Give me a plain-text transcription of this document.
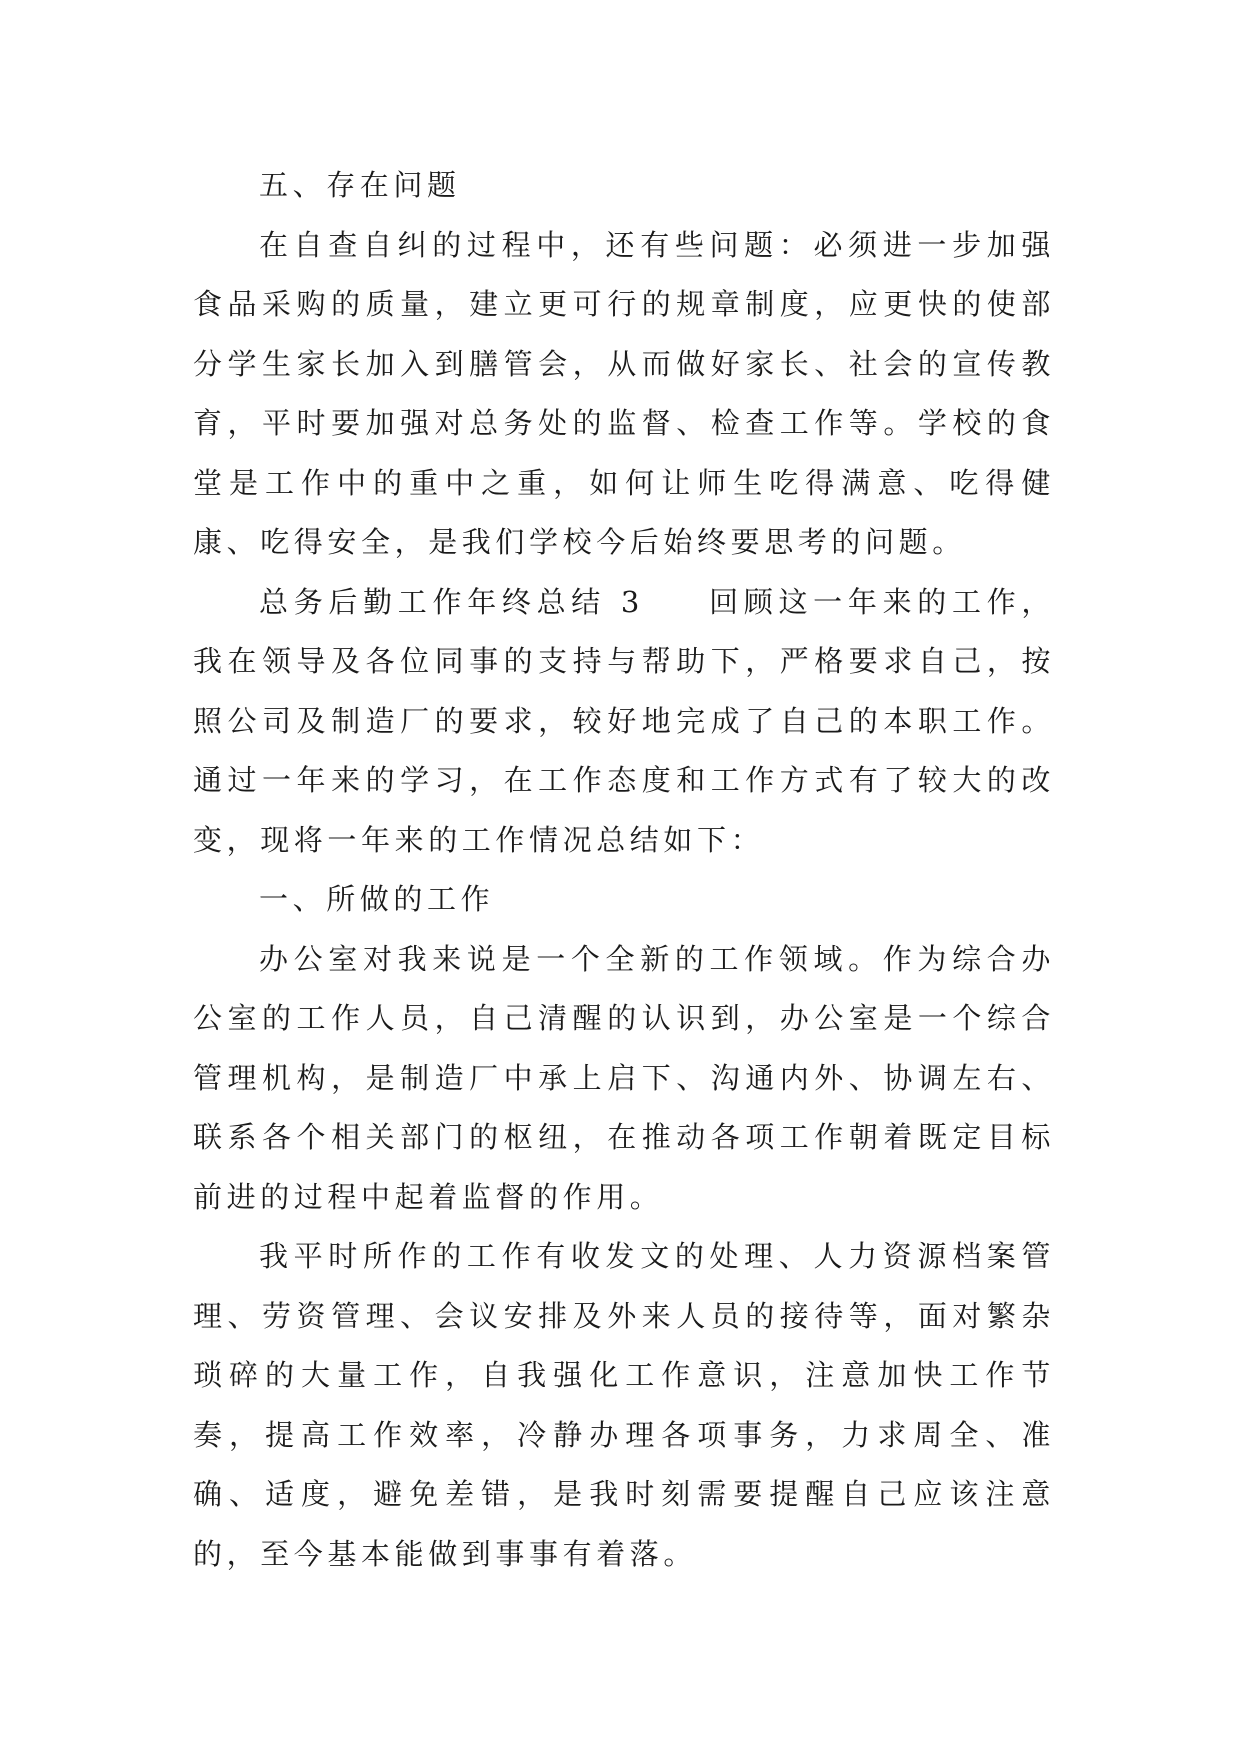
五、存在问题

在自查自纠的过程中，还有些问题：必须进一步加强食品采购的质量，建立更可行的规章制度，应更快的使部分学生家长加入到膳管会，从而做好家长、社会的宣传教育，平时要加强对总务处的监督、检查工作等。学校的食堂是工作中的重中之重，如何让师生吃得满意、吃得健康、吃得安全，是我们学校今后始终要思考的问题。

总务后勤工作年终总结 3 回顾这一年来的工作，我在领导及各位同事的支持与帮助下，严格要求自己，按照公司及制造厂的要求，较好地完成了自己的本职工作。通过一年来的学习，在工作态度和工作方式有了较大的改变，现将一年来的工作情况总结如下：

一、所做的工作

办公室对我来说是一个全新的工作领域。作为综合办公室的工作人员，自己清醒的认识到，办公室是一个综合管理机构，是制造厂中承上启下、沟通内外、协调左右、联系各个相关部门的枢纽，在推动各项工作朝着既定目标前进的过程中起着监督的作用。

我平时所作的工作有收发文的处理、人力资源档案管理、劳资管理、会议安排及外来人员的接待等，面对繁杂琐碎的大量工作，自我强化工作意识，注意加快工作节奏，提高工作效率，冷静办理各项事务，力求周全、准确、适度，避免差错，是我时刻需要提醒自己应该注意的，至今基本能做到事事有着落。
